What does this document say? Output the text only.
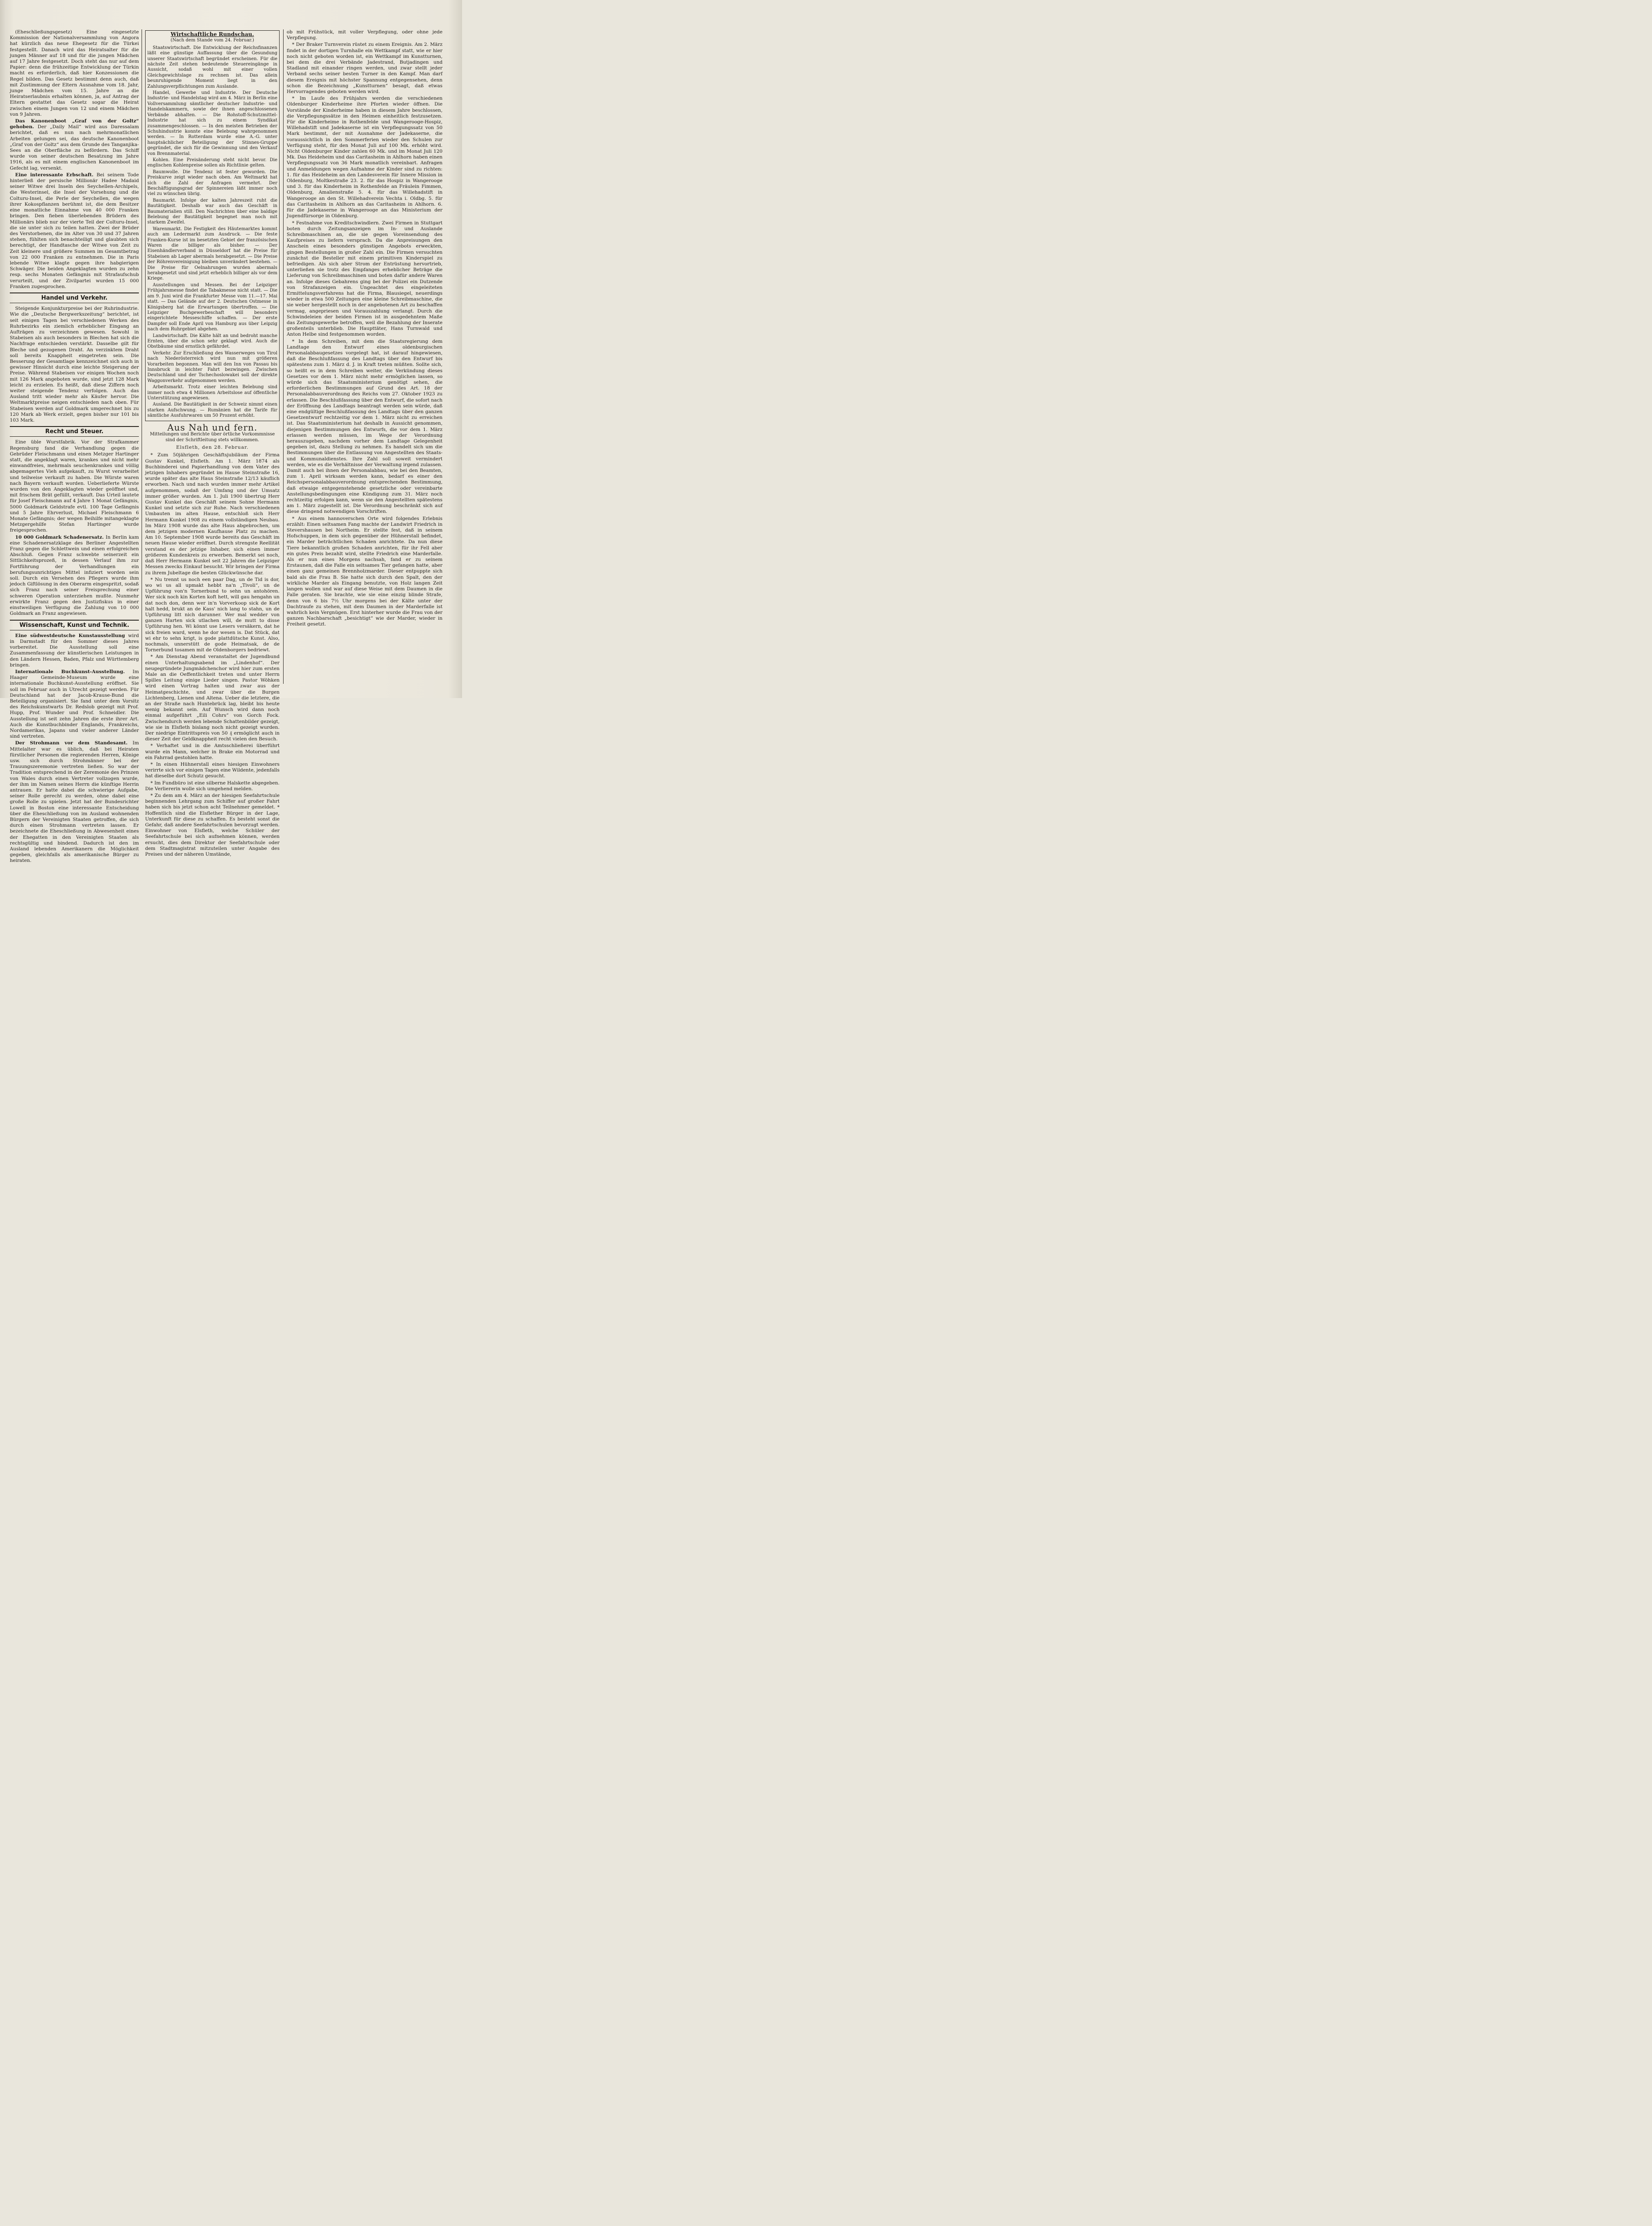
(Eheschließungsgesetz) Eine eingesetzte Kommission der Nationalversammlung von Angora hat kürzlich das neue Ehegesetz für die Türkei festgestellt. Danach wird das Heiratsalter für die jungen Männer auf 18 und für die jungen Mädchen auf 17 Jahre festgesetzt. Doch steht das nur auf dem Papier: denn die frühzeitige Entwicklung der Türkin macht es erforderlich, daß hier Konzessionen die Regel bilden. Das Gesetz bestimmt denn auch, daß mit Zustimmung der Eltern Ausnahme vom 18. Jahr, junge Mädchen vom 15. Jahre an die Heiratserlaubnis erhalten können, ja, auf Antrag der Eltern gestattet das Gesetz sogar die Heirat zwischen einem Jungen von 12 und einem Mädchen von 9 Jahren.

Das Kanonenboot „Graf von der Goltz“ gehoben. Der „Daily Mail“ wird aus Daressalam berichtet, daß es nun nach mehrmonatlichen Arbeiten gelungen sei, das deutsche Kanonenboot „Graf von der Goltz“ aus dem Grunde des Tanganjika-Sees an die Oberfläche zu befördern. Das Schiff wurde von seiner deutschen Besatzung im Jahre 1916, als es mit einem englischen Kanonenboot im Gefecht lag, versenkt.

Eine interessante Erbschaft. Bei seinem Tode hinterließ der persische Millionär Hadee Madaid seiner Witwe drei Inseln des Seychellen-Archipels, die Westerinsel, die Insel der Vorsehung und die Colturu-Insel, die Perle der Seychellen, die wegen ihrer Kokospflanzen berühmt ist, die dem Besitzer eine monatliche Einnahme von 40 000 Franken bringen. Den fieben überlebenden Brüdern des Millionärs blieb nur der vierte Teil der Colturu-Insel, die sie unter sich zu teilen hatten. Zwei der Brüder des Verstorbenen, die im Alter von 30 und 37 Jahren stehen, fühlten sich benachteiligt und glaubten sich berechtigt, der Handtasche der Witwe von Zeit zu Zeit kleinere und größere Summen im Gesamtbetrag von 22 000 Franken zu entnehmen. Die in Paris lebende Witwe klagte gegen ihre habgierigen Schwäger. Die beiden Angeklagten wurden zu zehn resp. sechs Monaten Gefängnis mit Strafaufschub verurteilt, und der Zivilpartei wurden 15 000 Franken zugesprochen.

Handel und Verkehr.

Steigende Konjunkturpreise bei der Ruhrindustrie. Wie die „Deutsche Bergwerkszeitung“ berichtet, ist seit einigen Tagen bei verschiedenen Werken des Ruhrbezirks ein ziemlich erheblicher Eingang an Aufträgen zu verzeichnen gewesen. Sowohl in Stabeisen als auch besonders in Blechen hat sich die Nachfrage entschieden verstärkt. Dasselbe gilt für Bleche und gezogenen Draht. An verzinktem Draht soll bereits Knappheit eingetreten sein. Die Besserung der Gesamtlage kennzeichnet sich auch in gewisser Hinsicht durch eine leichte Steigerung der Preise. Während Stabeisen vor einigen Wochen noch mit 126 Mark angeboten wurde, sind jetzt 128 Mark leicht zu erzielen. Es heißt, daß diese Ziffern noch weiter steigende Tendenz verfolgen. Auch das Ausland tritt wieder mehr als Käufer hervor. Die Weltmarktpreise neigen entschieden nach oben. Für Stabeisen werden auf Goldmark umgerechnet bis zu 120 Mark ab Werk erzielt, gegen bisher nur 101 bis 103 Mark.

Recht und Steuer.

Eine üble Wurstfabrik. Vor der Strafkammer Regensburg fand die Verhandlung gegen die Gebrüder Fleischmann und einen Metzger Hartinger statt, die angeklagt waren, krankes und nicht mehr einwandfreies, mehrmals seuchenkrankes und völlig abgemagertes Vieh aufgekauft, zu Wurst verarbeitet und teilweise verkauft zu haben. Die Würste waren nach Bayern verkauft worden. Ueberlieferte Würste wurden von den Angeklagten wieder geöffnet und, mit frischem Brät gefüllt, verkauft. Das Urteil lautete für Josef Fleischmann auf 4 Jahre 1 Monat Gefängnis, 5000 Goldmark Geldstrafe evtl. 100 Tage Gefängnis und 5 Jahre Ehrverlust, Michael Fleischmann 6 Monate Gefängnis; der wegen Beihilfe mitangeklagte Metzgergehilfe Stefan Hartinger wurde freigesprochen.

10 000 Goldmark Schadenersatz. In Berlin kam eine Schadenersatzklage des Berliner Angestellten Franz gegen die Schlettwein und einen erfolgreichen Abschluß. Gegen Franz schwebte seinerzeit ein Sittlichkeitsprozeß, in dessen Verlauf ihm zur Fortführung der Verhandlungen ein berufungsunrichtiges Mittel infiziert worden sein soll. Durch ein Versehen des Pflegers wurde ihm jedoch Giftlösung in den Oberarm eingespritzt, sodaß sich Franz nach seiner Freisprechung einer schweren Operation unterziehen mußte. Nunmehr erwirkte Franz gegen den Justizfiskus in einer einstweiligen Verfügung die Zahlung von 10 000 Goldmark an Franz angewiesen.

Wissenschaft, Kunst und Technik.

Eine südwestdeutsche Kunstausstellung wird in Darmstadt für den Sommer dieses Jahres vorbereitet. Die Ausstellung soll eine Zusammenfassung der künstlerischen Leistungen in den Ländern Hessen, Baden, Pfalz und Württemberg bringen.

Internationale Buchkunst-Ausstellung. Im Haager Gemeinde-Museum wurde eine internationale Buchkunst-Ausstellung eröffnet. Sie soll im Februar auch in Utrecht gezeigt werden. Für Deutschland hat der Jacob-Krause-Bund die Beteiligung organisiert. Sie fand unter dem Vorsitz des Reichskunstwarts Dr. Redslob gezeigt mit Prof. Hupp, Prof. Wunder und Prof. Schneidler. Die Ausstellung ist seit zehn Jahren die erste ihrer Art. Auch die Kunstbuchbinder Englands, Frankreichs, Nordamerikas, Japans und vieler anderer Länder sind vertreten.

Der Strohmann vor dem Standesamt. Im Mittelalter war es üblich, daß bei Heiraten fürstlicher Personen die regierenden Herren, Könige usw. sich durch Strohmänner bei der Trauungszeremonie vertreten ließen. So war der Tradition entsprechend in der Zeremonie des Prinzen von Wales durch einen Vertreter vollzogen wurde, der ihm im Namen seines Herrn die künftige Herrin antrauen. Er hatte dabei die schwierige Aufgabe, seiner Rolle gerecht zu werden, ohne dabei eine große Rolle zu spielen. Jetzt hat der Bundesrichter Lowell in Boston eine interessante Entscheidung über die Eheschließung von im Ausland wohnenden Bürgern der Vereinigten Staaten getroffen, die sich durch einen Strohmann vertreten lassen. Er bezeichnete die Eheschließung in Abwesenheit eines der Ehegatten in den Vereinigten Staaten als rechtsgültig und bindend. Dadurch ist den im Ausland lebenden Amerikanern die Möglichkeit gegeben, gleichfalls als amerikanische Bürger zu heiraten.

Wirtschaftliche Rundschau.
(Nach dem Stande vom 24. Februar.)

Staatswirtschaft. Die Entwicklung der Reichsfinanzen läßt eine günstige Auffassung über die Gesundung unserer Staatswirtschaft begründet erscheinen. Für die nächste Zeit stehen bedeutende Steuereingänge in Aussicht, sodaß wohl mit einer vollen Gleichgewichtslage zu rechnen ist. Das allein beunruhigende Moment liegt in den Zahlungsverpflichtungen zum Auslande.

Handel, Gewerbe und Industrie. Der Deutsche Industrie- und Handelstag wird am 4. März in Berlin eine Vollversammlung sämtlicher deutscher Industrie- und Handelskammern, sowie der ihnen angeschlossenen Verbände abhalten. — Die Rohstoff-Schutzmittel-Industrie hat sich zu einem Syndikat zusammengeschlossen. — In den meisten Betrieben der Schuhindustrie konnte eine Belebung wahrgenommen werden. — In Rotterdam wurde eine A.-G. unter hauptsächlicher Beteiligung der Stinnes-Gruppe gegründet, die sich für die Gewinnung und den Verkauf von Brennmaterial.

Kohlen. Eine Preisänderung steht nicht bevor. Die englischen Kohlenpreise sollen als Richtlinie gelten.

Baumwolle. Die Tendenz ist fester geworden. Die Preiskurve zeigt wieder nach oben. Am Weltmarkt hat sich die Zahl der Anfragen vermehrt. Der Beschäftigungsgrad der Spinnereien läßt immer noch viel zu wünschen übrig.

Baumarkt. Infolge der kalten Jahreszeit ruht die Bautätigkeit. Deshalb war auch das Geschäft in Baumaterialien still. Den Nachrichten über eine baldige Belebung der Bautätigkeit begegnet man noch mit starkem Zweifel.

Warenmarkt. Die Festigkeit des Häutemarktes kommt auch am Ledermarkt zum Ausdruck. — Die feste Franken-Kurse ist im besetzten Gebiet der französischen Waren die billiger als bisher. — Der Eisenhändlerverband in Düsseldorf hat die Preise für Stabeisen ab Lager abermals herabgesetzt. — Die Preise der Röhrenvereinigung bleiben unverändert bestehen. — Die Preise für Oelnahrungen wurden abermals herabgesetzt und sind jetzt erheblich billiger als vor dem Kriege.

Ausstellungen und Messen. Bei der Leipziger Frühjahrsmesse findet die Tabakmesse nicht statt. — Die am 9. Juni wird die Frankfurter Messe vom 11.—17. Mai statt. — Das Gelände auf der 2. Deutschen Ostmesse in Königsberg hat die Erwartungen übertroffen. — Die Leipziger Buchgewerbeschaft will besonders eingerichtete Messeschiffe schaffen. — Der erste Dampfer soll Ende April von Hamburg aus über Leipzig nach dem Ruhrgebiet abgehen.

Landwirtschaft. Die Kälte hält an und bedroht manche Ernten, über die schon sehr geklagt wird. Auch die Obstbäume sind ernstlich gefährdet.

Verkehr. Zur Erschließung des Wasserweges von Tirol nach Niederösterreich wird nun mit größeren Vorarbeiten begonnen. Man will den Inn von Passau bis Innsbruck in leichter Fahrt bezwingen. Zwischen Deutschland und der Tschechoslowakei soll der direkte Waggonverkehr aufgenommen werden.

Arbeitsmarkt. Trotz einer leichten Belebung sind immer noch etwa 4 Millionen Arbeitslose auf öffentliche Unterstützung angewiesen.

Ausland. Die Bautätigkeit in der Schweiz nimmt einen starken Aufschwung. — Rumänien hat die Tarife für sämtliche Ausfuhrwaren um 50 Prozent erhöht.

Aus Nah und fern.
Mitteilungen und Berichte über örtliche Vorkommnisse sind der Schriftleitung stets willkommen.
Elsfleth, den 28. Februar.

* Zum 50jährigen Geschäftsjubiläum der Firma Gustav Kunkel, Elsfleth. Am 1. März 1874 als Buchbinderei und Papierhandlung von dem Vater des jetzigen Inhabers gegründet im Hause Steinstraße 16, wurde später das alte Haus Steinstraße 12/13 käuflich erworben. Nach und nach wurden immer mehr Artikel aufgenommen, sodaß der Umfang und der Umsatz immer größer wurden. Am 1. Juli 1900 übertrug Herr Gustav Kunkel das Geschäft seinem Sohne Hermann Kunkel und setzte sich zur Ruhe. Nach verschiedenen Umbauten im alten Hause, entschloß sich Herr Hermann Kunkel 1908 zu einem vollständigen Neubau. Im März 1908 wurde das alte Haus abgebrochen, um dem jetzigen modernen Kaufhause Platz zu machen. Am 10. September 1908 wurde bereits das Geschäft im neuen Hause wieder eröffnet. Durch strengste Reellität verstand es der jetzige Inhaber, sich einen immer größeren Kundenkreis zu erwerben. Bemerkt sei noch, daß Herr Hermann Kunkel seit 22 Jahren die Leipziger Messen zwecks Einkauf besucht. Wir bringen der Firma zu ihrem Jubeltage die besten Glückwünsche dar.

* Nu trennt us noch een paar Dag, un de Tid is dor, wo wi us all upmakt hebbt na'n „Tivoli“, un de Upführung von'n Tornerbund to sehn un antohören. Wer sick noch kin Korten koft hett, will gau hengahn un dat noch don, denn wer in'n Vorverkoop sick de Kort halt hedd, brukt an de Kass' nich lang to stahn, un de Upführung litt nich darunner. Wer mal wedder von ganzen Harten sick utlachen will, de mutt to disse Upführung hen. Wi könnt use Lesers versäkern, dat he sick freien ward, wenn he dor wesen is. Dat Stück, dat wi ehr to sehn krigt, is gode plattdütsche Kunst. Also, nochmals, unnerstütt de gode Heimatsak, de de Tornerbund tosamen mit de Oldenborgers bedriewt.

* Am Dienstag Abend veranstaltet der Jugendbund einen Unterhaltungsabend im „Lindenhof“. Der neugegründete Jungmädchenchor wird hier zum ersten Male an die Oeffentlichkeit treten und unter Herrn Spilles Leitung einige Lieder singen. Pastor Wöhken wird einen Vortrag halten und zwar aus der Heimatgeschichte, und zwar über die Burgen Lichtenberg, Lienen und Altena. Ueber die letztere, die an der Straße nach Huntebrück lag, bleibt bis heute wenig bekannt sein. Auf Wunsch wird dann noch einmal aufgeführt „Eili Cohrs“ von Gorch Fock. Zwischendurch werden lebende Schattenbilder gezeigt, wie sie in Elsfleth bislang noch nicht gezeigt wurden. Der niedrige Eintrittspreis von 50 ₰ ermöglicht auch in dieser Zeit der Geldknappheit recht vielen den Besuch.

* Verhaftet und in die Amtsschließerei überführt wurde ein Mann, welcher in Brake ein Motorrad und ein Fahrrad gestohlen hatte.

* In einen Hühnerstall eines hiesigen Einwohners verirrte sich vor einigen Tagen eine Wildente, jedenfalls hat dieselbe dort Schutz gesucht.

* Im Fundbüro ist eine silberne Halskette abgegeben. Die Verliererin wolle sich umgehend melden.

* Zu dem am 4. März an der hiesigen Seefahrtschule beginnenden Lehrgang zum Schiffer auf großer Fahrt haben sich bis jetzt schon acht Teilnehmer gemeldet. * Hoffentlich sind die Elsflether Bürger in der Lage, Unterkunft für diese zu schaffen. Es besteht sonst die Gefahr, daß andere Seefahrtschulen bevorzugt werden. Einwohner von Elsfleth, welche Schüler der Seefahrtschule bei sich aufnehmen können, werden ersucht, dies dem Direktor der Seefahrtschule oder dem Stadtmagistrat mitzuteilen unter Angabe des Preises und der näheren Umstände,

ob mit Frühstück, mit voller Verpflegung, oder ohne jede Verpflegung.

* Der Braker Turnverein rüstet zu einem Ereignis. Am 2. März findet in der dortigen Turnhalle ein Wettkampf statt, wie er hier noch nicht geboten worden ist, ein Wettkampf im Kunstturnen, bei dem die drei Verbände Jadestrand, Butjadingen und Stadland mit einander ringen werden, und zwar stellt jeder Verband sechs seiner besten Turner in den Kampf. Man darf diesem Ereignis mit höchster Spannung entgegensehen, denn schon die Bezeichnung „Kunstturnen“ besagt, daß etwas Hervorragendes geboten werden wird.

* Im Laufe des Frühjahrs werden die verschiedenen Oldenburger Kinderheime ihre Pforten wieder öffnen. Die Vorstände der Kinderheime haben in diesem Jahre beschlossen, die Verpflegungssätze in den Heimen einheitlich festzusetzen. Für die Kinderheime in Rothenfelde und Wangerooge-Hospiz, Willehadstift und Jadekaserne ist ein Verpflegungssatz von 50 Mark bestimmt, der mit Ausnahme der Jadekaserne, die voraussichtlich in den Sommerferien wieder den Schulen zur Verfügung steht, für den Monat Juli auf 100 Mk. erhöht wird. Nicht Oldenburger Kinder zahlen 60 Mk. und im Monat Juli 120 Mk. Das Heideheim und das Caritasheim in Ahlhorn haben einen Verpflegungssatz von 36 Mark monatlich vereinbart. Anfragen und Anmeldungen wegen Aufnahme der Kinder sind zu richten: 1. für das Heideheim an den Landesverein für Innere Mission in Oldenburg, Moltkestraße 23. 2. für das Hospiz in Wangerooge und 3. für das Kinderheim in Rothenfelde an Fräulein Fimmen, Oldenburg, Amalienstraße 5. 4. für das Willehadstift in Wangerooge an den St. Willehadverein Vechta i. Oldbg. 5. für das Caritasheim in Ahlhorn an das Caritasheim in Ahlhorn. 6. für die Jadekaserne in Wangerooge an das Ministerium der Jugendfürsorge in Oldenburg.

* Festnahme von Kreditschwindlern. Zwei Firmen in Stuttgart boten durch Zeitungsanzeigen im In- und Auslande Schreibmaschinen an, die sie gegen Voreinsendung des Kaufpreises zu liefern versprach. Da die Anpreisungen den Anschein eines besonders günstigen Angebots erweckten, gingen Bestellungen in großer Zahl ein. Die Firmen versuchten zunächst die Besteller mit einem primitiven Kinderspiel zu befriedigen. Als sich aber Strom der Entrüstung hervortrieb, unterließen sie trotz des Empfanges erheblicher Beträge die Lieferung von Schreibmaschinen und boten dafür andere Waren an. Infolge dieses Gebahrens ging bei der Polizei ein Dutzende von Strafanzeigen ein. Ungeachtet des eingeleiteten Ermittelungsverfahrens hat die Firma, Blausiegel, neuerdings wieder in etwa 500 Zeitungen eine kleine Schreibmaschine, die sie weber hergestellt noch in der angebotenen Art zu beschaffen vermag, angepriesen und Vorauszahlung verlangt. Durch die Schwindeleien der beiden Firmen ist in ausgedehntem Maße das Zeitungsgewerbe betroffen, weil die Bezahlung der Inserate großenteils unterblieb. Die Haupttäter, Hans Turnwald und Anton Helbe sind festgenommen worden.

* In dem Schreiben, mit dem die Staatsregierung dem Landtage den Entwurf eines oldenburgischen Personalabbaugesetzes vorgelegt hat, ist darauf hingewiesen, daß die Beschlußfassung des Landtags über den Entwurf bis spätestens zum 1. März d. J. in Kraft treten müßten. Sollte sich, so heißt es in dem Schreiben weiter, die Verkündung dieses Gesetzes vor dem 1. März nicht mehr ermöglichen lassen, so würde sich das Staatsministerium genötigt sehen, die erforderlichen Bestimmungen auf Grund des Art. 18 der Personalabbauverordnung des Reichs vom 27. Oktober 1923 zu erlassen. Die Beschlußfassung über den Entwurf, die sofort nach der Eröffnung des Landtags beantragt werden sein würde, daß eine endgültige Beschlußfassung des Landtags über den ganzen Gesetzentwurf rechtzeitig vor dem 1. März nicht zu erreichen ist. Das Staatsministerium hat deshalb in Aussicht genommen, diejenigen Bestimmungen des Entwurfs, die vor dem 1. März erlassen werden müssen, im Wege der Verordnung herauszugeben, nachdem vorher dem Landtage Gelegenheit gegeben ist, dazu Stellung zu nehmen. Es handelt sich um die Bestimmungen über die Entlassung von Angestellten des Staats- und Kommunaldienstes. Ihre Zahl soll soweit vermindert werden, wie es die Verhältnisse der Verwaltung irgend zulassen. Damit auch bei ihnen der Personalabbau, wie bei den Beamten, zum 1. April wirksam werden kann, bedarf es einer den Reichspersonalabbauverordnung entsprechenden Bestimmung, daß etwaige entgegenstehende gesetzliche oder vereinbarte Anstellungsbedingungen eine Kündigung zum 31. März noch rechtzeitig erfolgen kann, wenn sie den Angestellten spätestens am 1. März zugestellt ist. Die Verordnung beschränkt sich auf diese dringend notwendigen Vorschriften.

* Aus einem hannoverschen Orte wird folgendes Erlebnis erzählt: Einen seltsamen Fang machte der Landwirt Friedrich in Stevershausen bei Northeim. Er stellte fest, daß in seinem Hofschuppen, in dem sich gegenüber der Hühnerstall befindet, ein Marder beträchtlichen Schaden anrichtete. Da nun diese Tiere bekanntlich großen Schaden anrichten, für ihr Fell aber ein gutes Preis bezahlt wird, stellte Friedrich eine Marderfalle. Als er nun eines Morgens nachsah, fand er zu seinem Erstaunen, daß die Falle ein seltsames Tier gefangen hatte, aber einen ganz gemeinen Brennholzmarder. Dieser entpuppte sich bald als die Frau B. Sie hatte sich durch den Spalt, den der wirkliche Marder als Eingang benutzte, von Holz langen Zeit langen wollen und war auf diese Weise mit dem Daumen in die Falle geraten. Sie brachte, wie sie eine einzig blinde Strafe, denn von 6 bis 7½ Uhr morgens bei der Kälte unter der Dachtraufe zu stehen, mit dem Daumen in der Marderfalle ist wahrlich kein Vergnügen. Erst hinterher wurde die Frau von der ganzen Nachbarschaft „besichtigt“ wie der Marder, wieder in Freiheit gesetzt.
